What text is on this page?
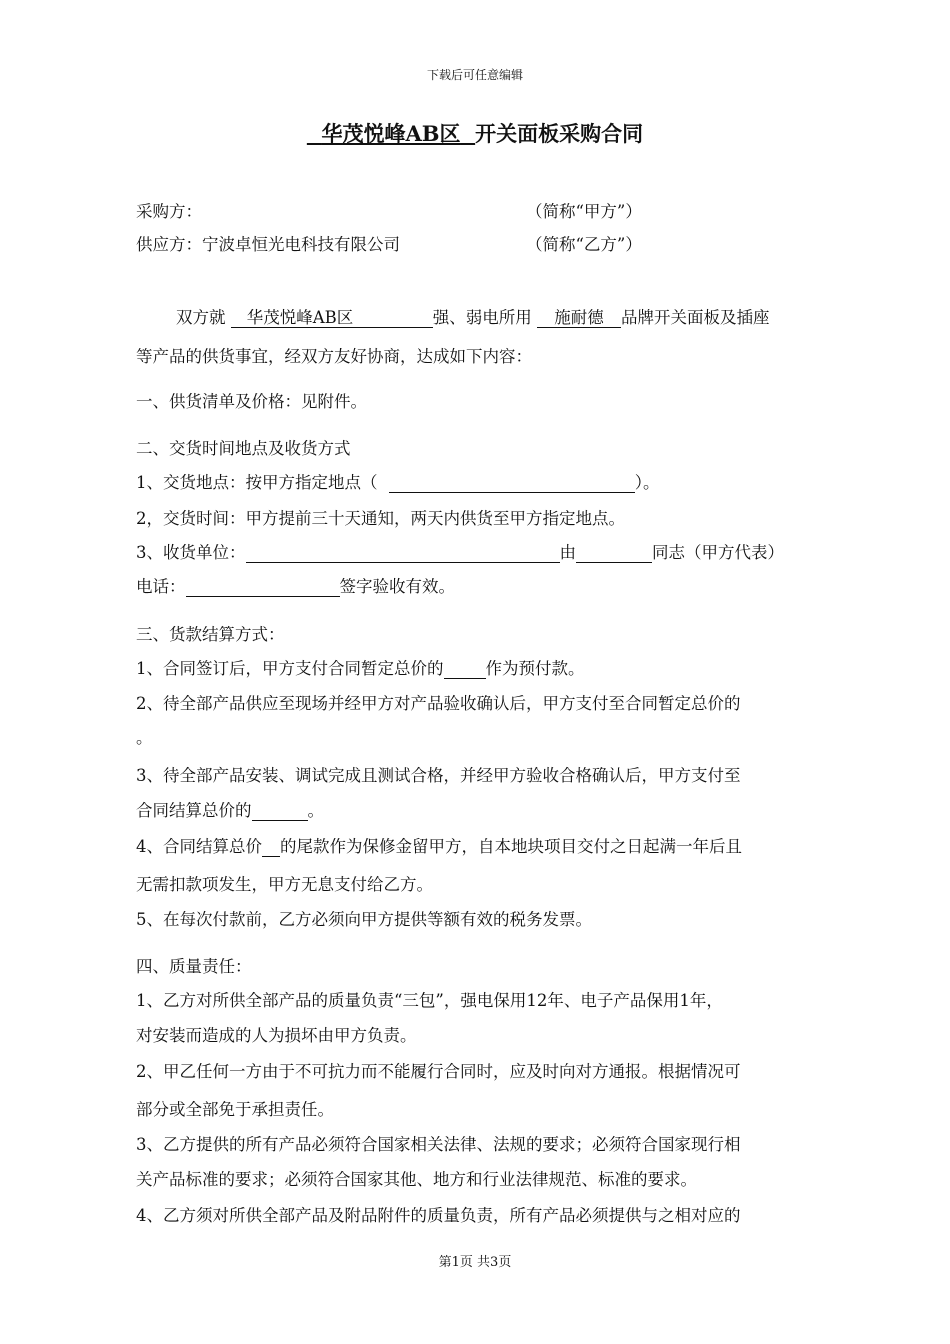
下载后可任意编辑
华茂悦峰AB区 开关面板采购合同
采购方：	（简称“甲方”）
供应方：宁波卓恒光电科技有限公司	（简称“乙方”）
双方就 华茂悦峰AB区	强、弱电所用 施耐德 品牌开关面板及插座
等产品的供货事宜，经双方友好协商，达成如下内容：
一、供货清单及价格：见附件。
二、交货时间地点及收货方式
1、交货地点：按甲方指定地点（	）。
2，交货时间：甲方提前三十天通知，两天内供货至甲方指定地点。
3、收货单位：	由	同志（甲方代表）
电话：	签字验收有效。
三、货款结算方式：
1、合同签订后，甲方支付合同暂定总价的	作为预付款。
2、待全部产品供应至现场并经甲方对产品验收确认后，甲方支付至合同暂定总价的
。
3、待全部产品安装、调试完成且测试合格，并经甲方验收合格确认后，甲方支付至
合同结算总价的	。
4、合同结算总价 的尾款作为保修金留甲方，自本地块项目交付之日起满一年后且
无需扣款项发生，甲方无息支付给乙方。
5、在每次付款前，乙方必须向甲方提供等额有效的税务发票。
四、质量责任：
1、乙方对所供全部产品的质量负责“三包”，强电保用12年、电子产品保用1年，
对安装而造成的人为损坏由甲方负责。
2、甲乙任何一方由于不可抗力而不能履行合同时，应及时向对方通报。根据情况可
部分或全部免于承担责任。
3、乙方提供的所有产品必须符合国家相关法律、法规的要求；必须符合国家现行相
关产品标准的要求；必须符合国家其他、地方和行业法律规范、标准的要求。
4、乙方须对所供全部产品及附品附件的质量负责，所有产品必须提供与之相对应的
第1页 共3页
